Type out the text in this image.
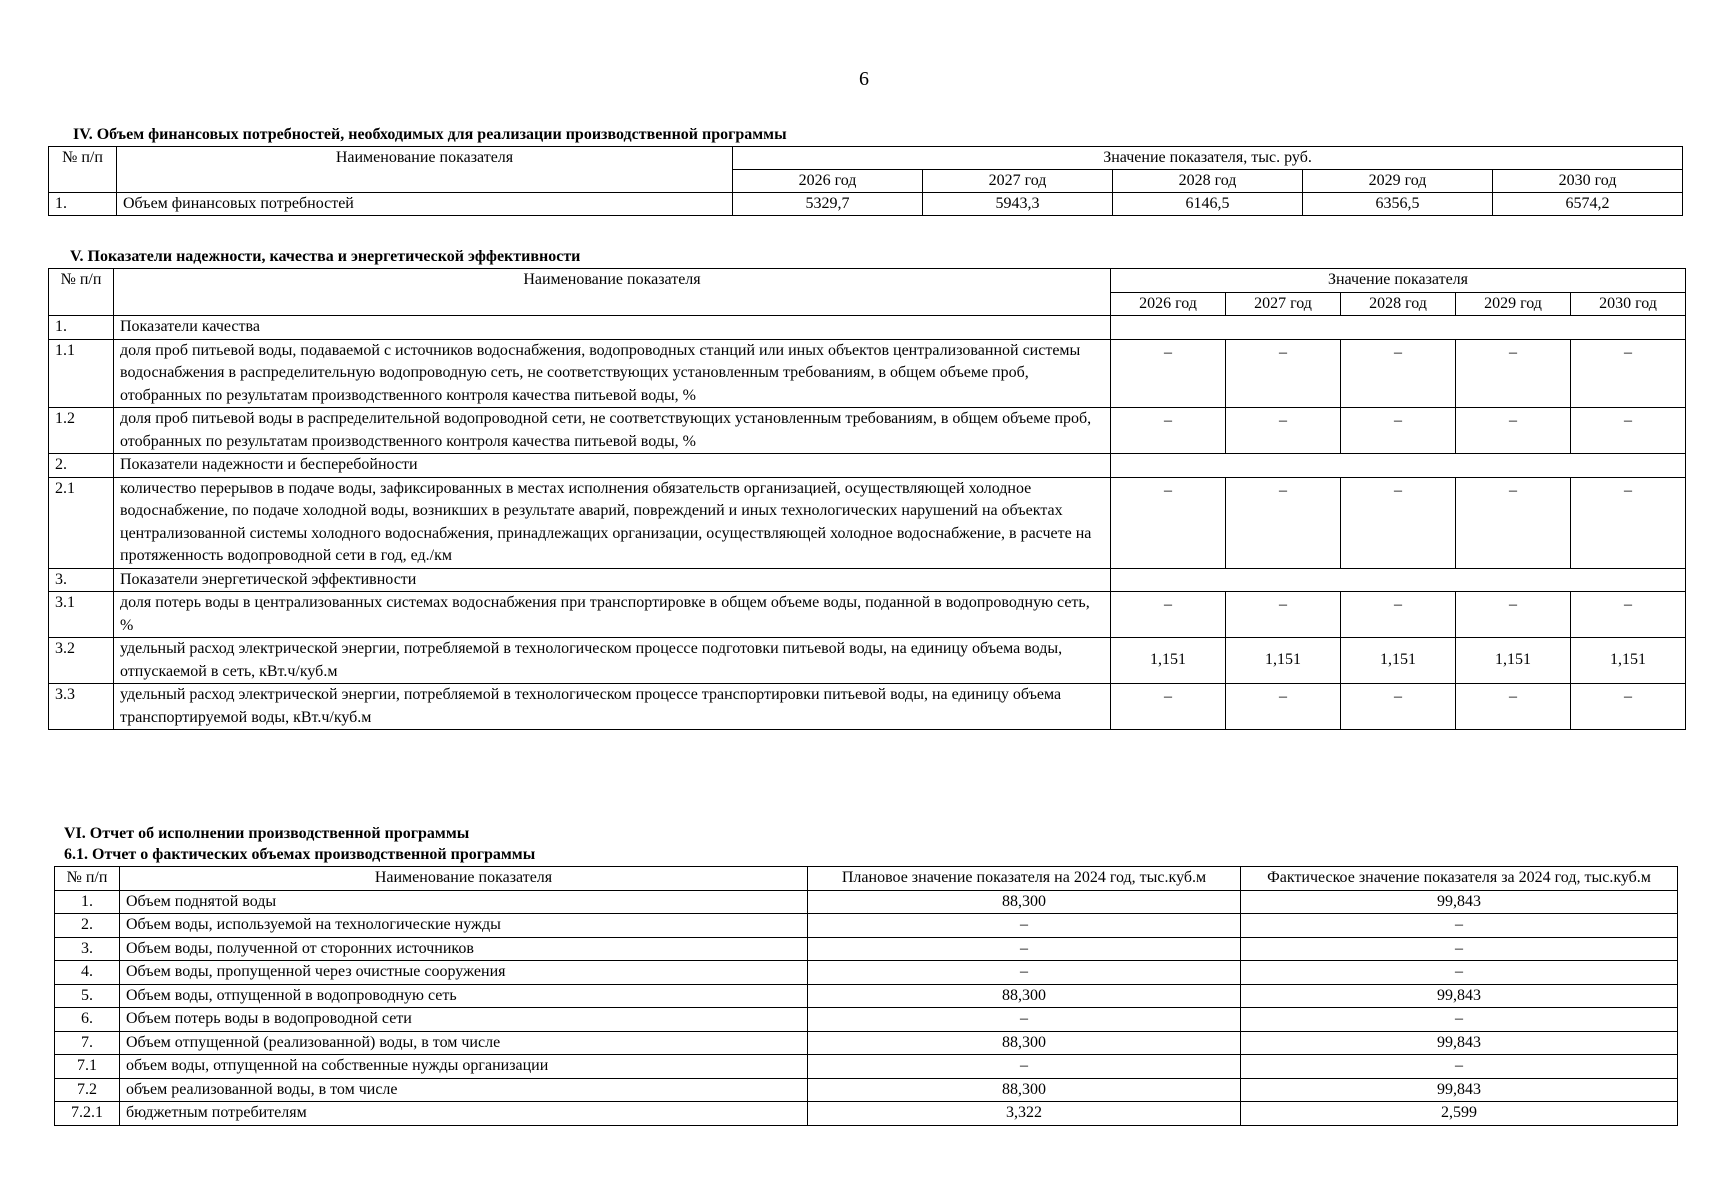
6
IV. Объем финансовых потребностей, необходимых для реализации производственной программы
№ п/п	Наименование показателя	Значение показателя, тыс. руб.				
		2026 год	2027 год	2028 год	2029 год	2030 год
1.	Объем финансовых потребностей	5329,7	5943,3	6146,5	6356,5	6574,2
V. Показатели надежности, качества и энергетической эффективности
№ п/п	Наименование показателя	Значение показателя				
		2026 год	2027 год	2028 год	2029 год	2030 год
1.	Показатели качества					
1.1	доля проб питьевой воды, подаваемой с источников водоснабжения, водопроводных станций или иных объектов централизованной системы водоснабжения в распределительную водопроводную сеть, не соответствующих установленным требованиям, в общем объеме проб, отобранных по результатам производственного контроля качества питьевой воды, %	–	–	–	–	–
1.2	доля проб питьевой воды в распределительной водопроводной сети, не соответствующих установленным требованиям, в общем объеме проб, отобранных по результатам производственного контроля качества питьевой воды, %	–	–	–	–	–
2.	Показатели надежности и бесперебойности					
2.1	количество перерывов в подаче воды, зафиксированных в местах исполнения обязательств организацией, осуществляющей холодное водоснабжение, по подаче холодной воды, возникших в результате аварий, повреждений и иных технологических нарушений на объектах централизованной системы холодного водоснабжения, принадлежащих организации, осуществляющей холодное водоснабжение, в расчете на протяженность водопроводной сети в год, ед./км	–	–	–	–	–
3.	Показатели энергетической эффективности					
3.1	доля потерь воды в централизованных системах водоснабжения при транспортировке в общем объеме воды, поданной в водопроводную сеть, %	–	–	–	–	–
3.2	удельный расход электрической энергии, потребляемой в технологическом процессе подготовки питьевой воды, на единицу объема воды, отпускаемой в сеть, кВт.ч/куб.м	1,151	1,151	1,151	1,151	1,151
3.3	удельный расход электрической энергии, потребляемой в технологическом процессе транспортировки питьевой воды, на единицу объема транспортируемой воды, кВт.ч/куб.м	–	–	–	–	–
VI. Отчет об исполнении производственной программы
6.1. Отчет о фактических объемах производственной программы
№ п/п	Наименование показателя	Плановое значение показателя на 2024 год, тыс.куб.м	Фактическое значение показателя за 2024 год, тыс.куб.м
1.	Объем поднятой воды	88,300	99,843
2.	Объем воды, используемой на технологические нужды	–	–
3.	Объем воды, полученной от сторонних источников	–	–
4.	Объем воды, пропущенной через очистные сооружения	–	–
5.	Объем воды, отпущенной в водопроводную сеть	88,300	99,843
6.	Объем потерь воды в водопроводной сети	–	–
7.	Объем отпущенной (реализованной) воды, в том числе	88,300	99,843
7.1	объем воды, отпущенной на собственные нужды организации	–	–
7.2	объем реализованной воды, в том числе	88,300	99,843
7.2.1	бюджетным потребителям	3,322	2,599
